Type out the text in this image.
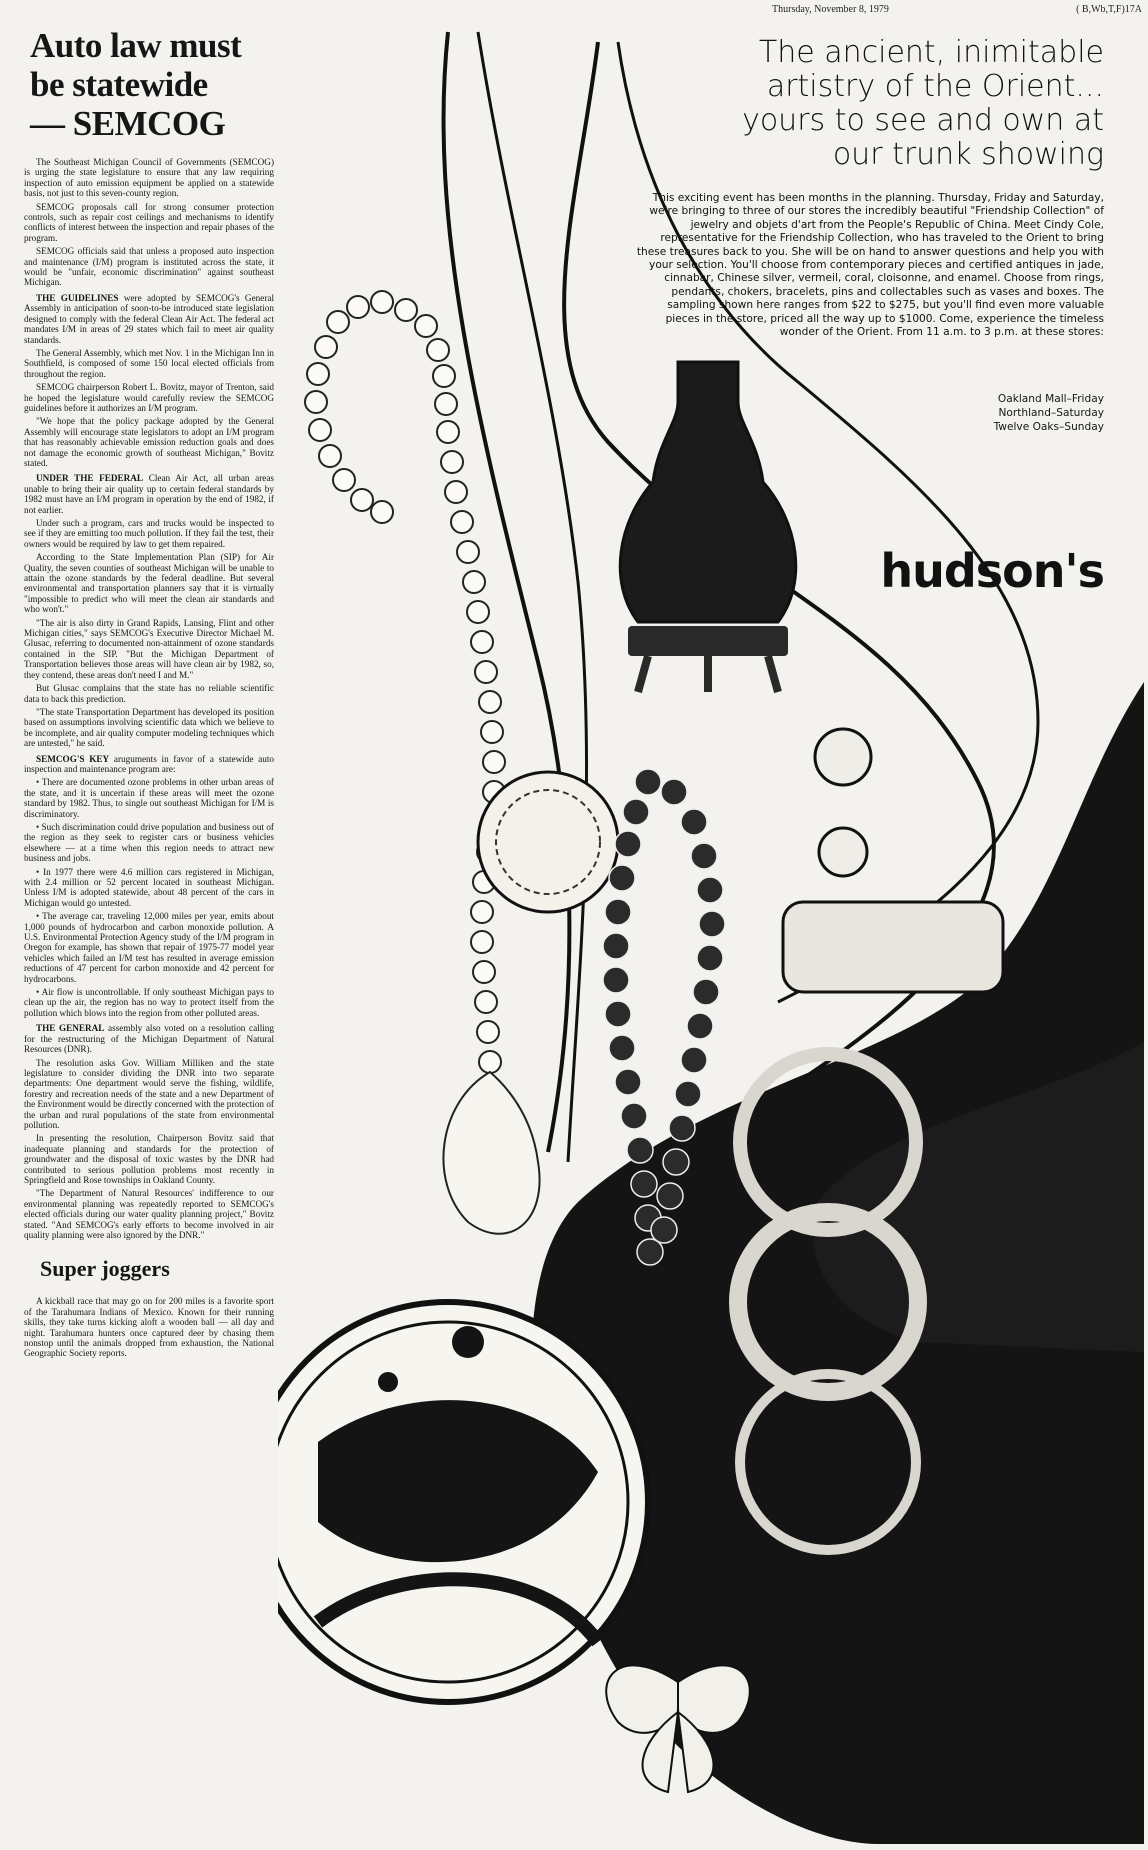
Thursday, November 8, 1979	( B,Wb,T,F)17A
Auto law must
be statewide
— SEMCOG

The Southeast Michigan Council of Governments (SEMCOG) is urging the state legislature to ensure that any law requiring inspection of auto emission equipment be applied on a statewide basis, not just to this seven-county region.

SEMCOG proposals call for strong consumer protection controls, such as repair cost ceilings and mechanisms to identify conflicts of interest between the inspection and repair phases of the program.

SEMCOG officials said that unless a proposed auto inspection and maintenance (I/M) program is instituted across the state, it would be "unfair, economic discrimination" against southeast Michigan.

THE GUIDELINES were adopted by SEMCOG's General Assembly in anticipation of soon-to-be introduced state legislation designed to comply with the federal Clean Air Act. The federal act mandates I/M in areas of 29 states which fail to meet air quality standards.

The General Assembly, which met Nov. 1 in the Michigan Inn in Southfield, is composed of some 150 local elected officials from throughout the region.

SEMCOG chairperson Robert L. Bovitz, mayor of Trenton, said he hoped the legislature would carefully review the SEMCOG guidelines before it authorizes an I/M program.

"We hope that the policy package adopted by the General Assembly will encourage state legislators to adopt an I/M program that has reasonably achievable emission reduction goals and does not damage the economic growth of southeast Michigan," Bovitz stated.

UNDER THE FEDERAL Clean Air Act, all urban areas unable to bring their air quality up to certain federal standards by 1982 must have an I/M program in operation by the end of 1982, if not earlier.

Under such a program, cars and trucks would be inspected to see if they are emitting too much pollution. If they fail the test, their owners would be required by law to get them repaired.

According to the State Implementation Plan (SIP) for Air Quality, the seven counties of southeast Michigan will be unable to attain the ozone standards by the federal deadline. But several environmental and transportation planners say that it is virtually "impossible to predict who will meet the clean air standards and who won't."

"The air is also dirty in Grand Rapids, Lansing, Flint and other Michigan cities," says SEMCOG's Executive Director Michael M. Glusac, referring to documented non-attainment of ozone standards contained in the SIP. "But the Michigan Department of Transportation believes those areas will have clean air by 1982, so, they contend, these areas don't need I and M."

But Glusac complains that the state has no reliable scientific data to back this prediction.

"The state Transportation Department has developed its position based on assumptions involving scientific data which we believe to be incomplete, and air quality computer modeling techniques which are untested," he said.

SEMCOG'S KEY aruguments in favor of a statewide auto inspection and maintenance program are:

• There are documented ozone problems in other urban areas of the state, and it is uncertain if these areas will meet the ozone standard by 1982. Thus, to single out southeast Michigan for I/M is discriminatory.

• Such discrimination could drive population and business out of the region as they seek to register cars or business vehicles elsewhere — at a time when this region needs to attract new business and jobs.

• In 1977 there were 4.6 million cars registered in Michigan, with 2.4 million or 52 percent located in southeast Michigan. Unless I/M is adopted statewide, about 48 percent of the cars in Michigan would go untested.

• The average car, traveling 12,000 miles per year, emits about 1,000 pounds of hydrocarbon and carbon monoxide pollution. A U.S. Environmental Protection Agency study of the I/M program in Oregon for example, has shown that repair of 1975-77 model year vehicles which failed an I/M test has resulted in average emission reductions of 47 percent for carbon monoxide and 42 percent for hydrocarbons.

• Air flow is uncontrollable. If only southeast Michigan pays to clean up the air, the region has no way to protect itself from the pollution which blows into the region from other polluted areas.

THE GENERAL assembly also voted on a resolution calling for the restructuring of the Michigan Department of Natural Resources (DNR).

The resolution asks Gov. William Milliken and the state legislature to consider dividing the DNR into two separate departments: One department would serve the fishing, wildlife, forestry and recreation needs of the state and a new Department of the Environment would be directly concerned with the protection of the urban and rural populations of the state from environmental pollution.

In presenting the resolution, Chairperson Bovitz said that inadequate planning and standards for the protection of groundwater and the disposal of toxic wastes by the DNR had contributed to serious pollution problems most recently in Springfield and Rose townships in Oakland County.

"The Department of Natural Resources' indifference to our environmental planning was repeatedly reported to SEMCOG's elected officials during our water quality planning project," Bovitz stated. "And SEMCOG's early efforts to become involved in air quality planning were also ignored by the DNR."

Super joggers

A kickball race that may go on for 200 miles is a favorite sport of the Tarahumara Indians of Mexico. Known for their running skills, they take turns kicking aloft a wooden ball — all day and night. Tarahumara hunters once captured deer by chasing them nonstop until the animals dropped from exhaustion, the National Geographic Society reports.

The ancient, inimitable artistry of the Orient... yours to see and own at our trunk showing
This exciting event has been months in the planning. Thursday, Friday and Saturday, we're bringing to three of our stores the incredibly beautiful "Friendship Collection" of jewelry and objets d'art from the People's Republic of China. Meet Cindy Cole, representative for the Friendship Collection, who has traveled to the Orient to bring these treasures back to you. She will be on hand to answer questions and help you with your selection. You'll choose from contemporary pieces and certified antiques in jade, cinnabar, Chinese silver, vermeil, coral, cloisonne, and enamel. Choose from rings, pendants, chokers, bracelets, pins and collectables such as vases and boxes. The sampling shown here ranges from $22 to $275, but you'll find even more valuable pieces in the store, priced all the way up to $1000. Come, experience the timeless wonder of the Orient. From 11 a.m. to 3 p.m. at these stores:
Oakland Mall–Friday
Northland–Saturday
Twelve Oaks–Sunday
hudson's
